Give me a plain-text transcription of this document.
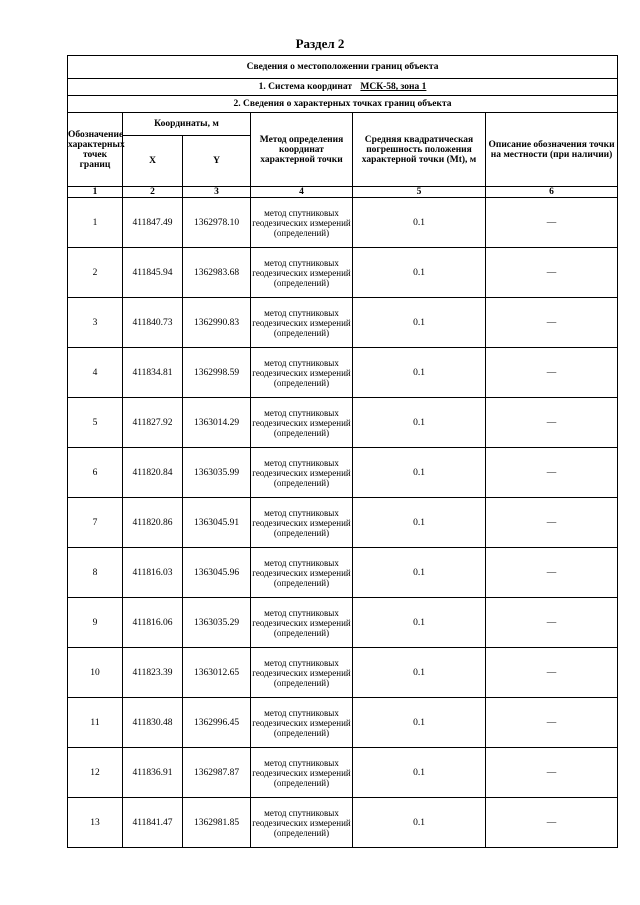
Раздел 2
Сведения о местоположении границ объекта					
1. Система координат МСК-58, зона 1					
2. Сведения о характерных точках границ объекта					
Обозначение характерных точек границ	Координаты, м		Метод определения координат характерной точки	Средняя квадратическая погрешность положения характерной точки (Mt), м	Описание обозначения точки на местности (при наличии)
	X	Y			
1	2	3	4	5	6
1	411847.49	1362978.10	метод спутниковых геодезических измерений (определений)	0.1	—
2	411845.94	1362983.68	метод спутниковых геодезических измерений (определений)	0.1	—
3	411840.73	1362990.83	метод спутниковых геодезических измерений (определений)	0.1	—
4	411834.81	1362998.59	метод спутниковых геодезических измерений (определений)	0.1	—
5	411827.92	1363014.29	метод спутниковых геодезических измерений (определений)	0.1	—
6	411820.84	1363035.99	метод спутниковых геодезических измерений (определений)	0.1	—
7	411820.86	1363045.91	метод спутниковых геодезических измерений (определений)	0.1	—
8	411816.03	1363045.96	метод спутниковых геодезических измерений (определений)	0.1	—
9	411816.06	1363035.29	метод спутниковых геодезических измерений (определений)	0.1	—
10	411823.39	1363012.65	метод спутниковых геодезических измерений (определений)	0.1	—
11	411830.48	1362996.45	метод спутниковых геодезических измерений (определений)	0.1	—
12	411836.91	1362987.87	метод спутниковых геодезических измерений (определений)	0.1	—
13	411841.47	1362981.85	метод спутниковых геодезических измерений (определений)	0.1	—
